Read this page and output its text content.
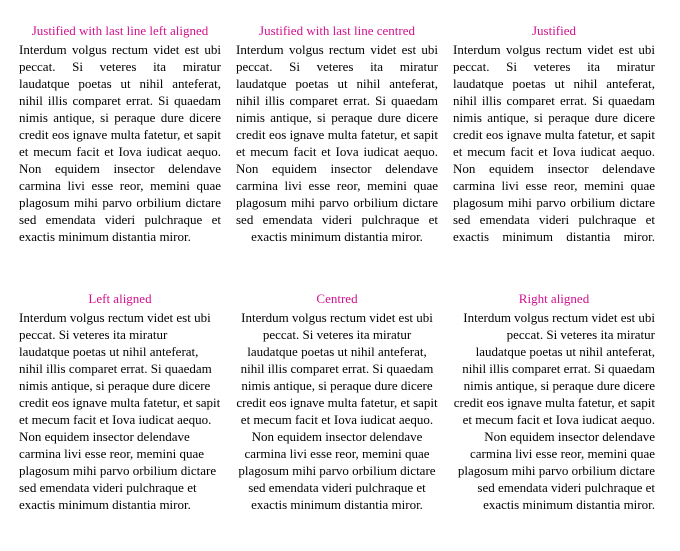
Justified with last line left aligned

Interdum volgus rectum videt est ubi peccat. Si veteres ita miratur laudatque poetas ut nihil anteferat, nihil illis comparet errat. Si quaedam nimis antique, si peraque dure dicere credit eos ignave multa fatetur, et sapit et mecum facit et Iova iudicat aequo. Non equidem insector delendave carmina livi esse reor, memini quae plagosum mihi parvo orbilium dictare sed emendata videri pulchraque et exactis minimum distantia miror.

Justified with last line centred

Interdum volgus rectum videt est ubi peccat. Si veteres ita miratur laudatque poetas ut nihil anteferat, nihil illis comparet errat. Si quaedam nimis antique, si peraque dure dicere credit eos ignave multa fatetur, et sapit et mecum facit et Iova iudicat aequo. Non equidem insector delendave carmina livi esse reor, memini quae plagosum mihi parvo orbilium dictare sed emendata videri pulchraque et exactis minimum distantia miror.

Justified

Interdum volgus rectum videt est ubi peccat. Si veteres ita miratur laudatque poetas ut nihil anteferat, nihil illis comparet errat. Si quaedam nimis antique, si peraque dure dicere credit eos ignave multa fatetur, et sapit et mecum facit et Iova iudicat aequo. Non equidem insector delendave carmina livi esse reor, memini quae plagosum mihi parvo orbilium dictare sed emendata videri pulchraque et exactis minimum distantia miror.

Left aligned

Interdum volgus rectum videt est ubi peccat. Si veteres ita miratur laudatque poetas ut nihil anteferat, nihil illis comparet errat. Si quaedam nimis antique, si peraque dure dicere credit eos ignave multa fatetur, et sapit et mecum facit et Iova iudicat aequo. Non equidem insector delendave carmina livi esse reor, memini quae plagosum mihi parvo orbilium dictare sed emendata videri pulchraque et exactis minimum distantia miror.

Centred

Interdum volgus rectum videt est ubi peccat. Si veteres ita miratur laudatque poetas ut nihil anteferat, nihil illis comparet errat. Si quaedam nimis antique, si peraque dure dicere credit eos ignave multa fatetur, et sapit et mecum facit et Iova iudicat aequo. Non equidem insector delendave carmina livi esse reor, memini quae plagosum mihi parvo orbilium dictare sed emendata videri pulchraque et exactis minimum distantia miror.

Right aligned

Interdum volgus rectum videt est ubi peccat. Si veteres ita miratur laudatque poetas ut nihil anteferat, nihil illis comparet errat. Si quaedam nimis antique, si peraque dure dicere credit eos ignave multa fatetur, et sapit et mecum facit et Iova iudicat aequo. Non equidem insector delendave carmina livi esse reor, memini quae plagosum mihi parvo orbilium dictare sed emendata videri pulchraque et exactis minimum distantia miror.
